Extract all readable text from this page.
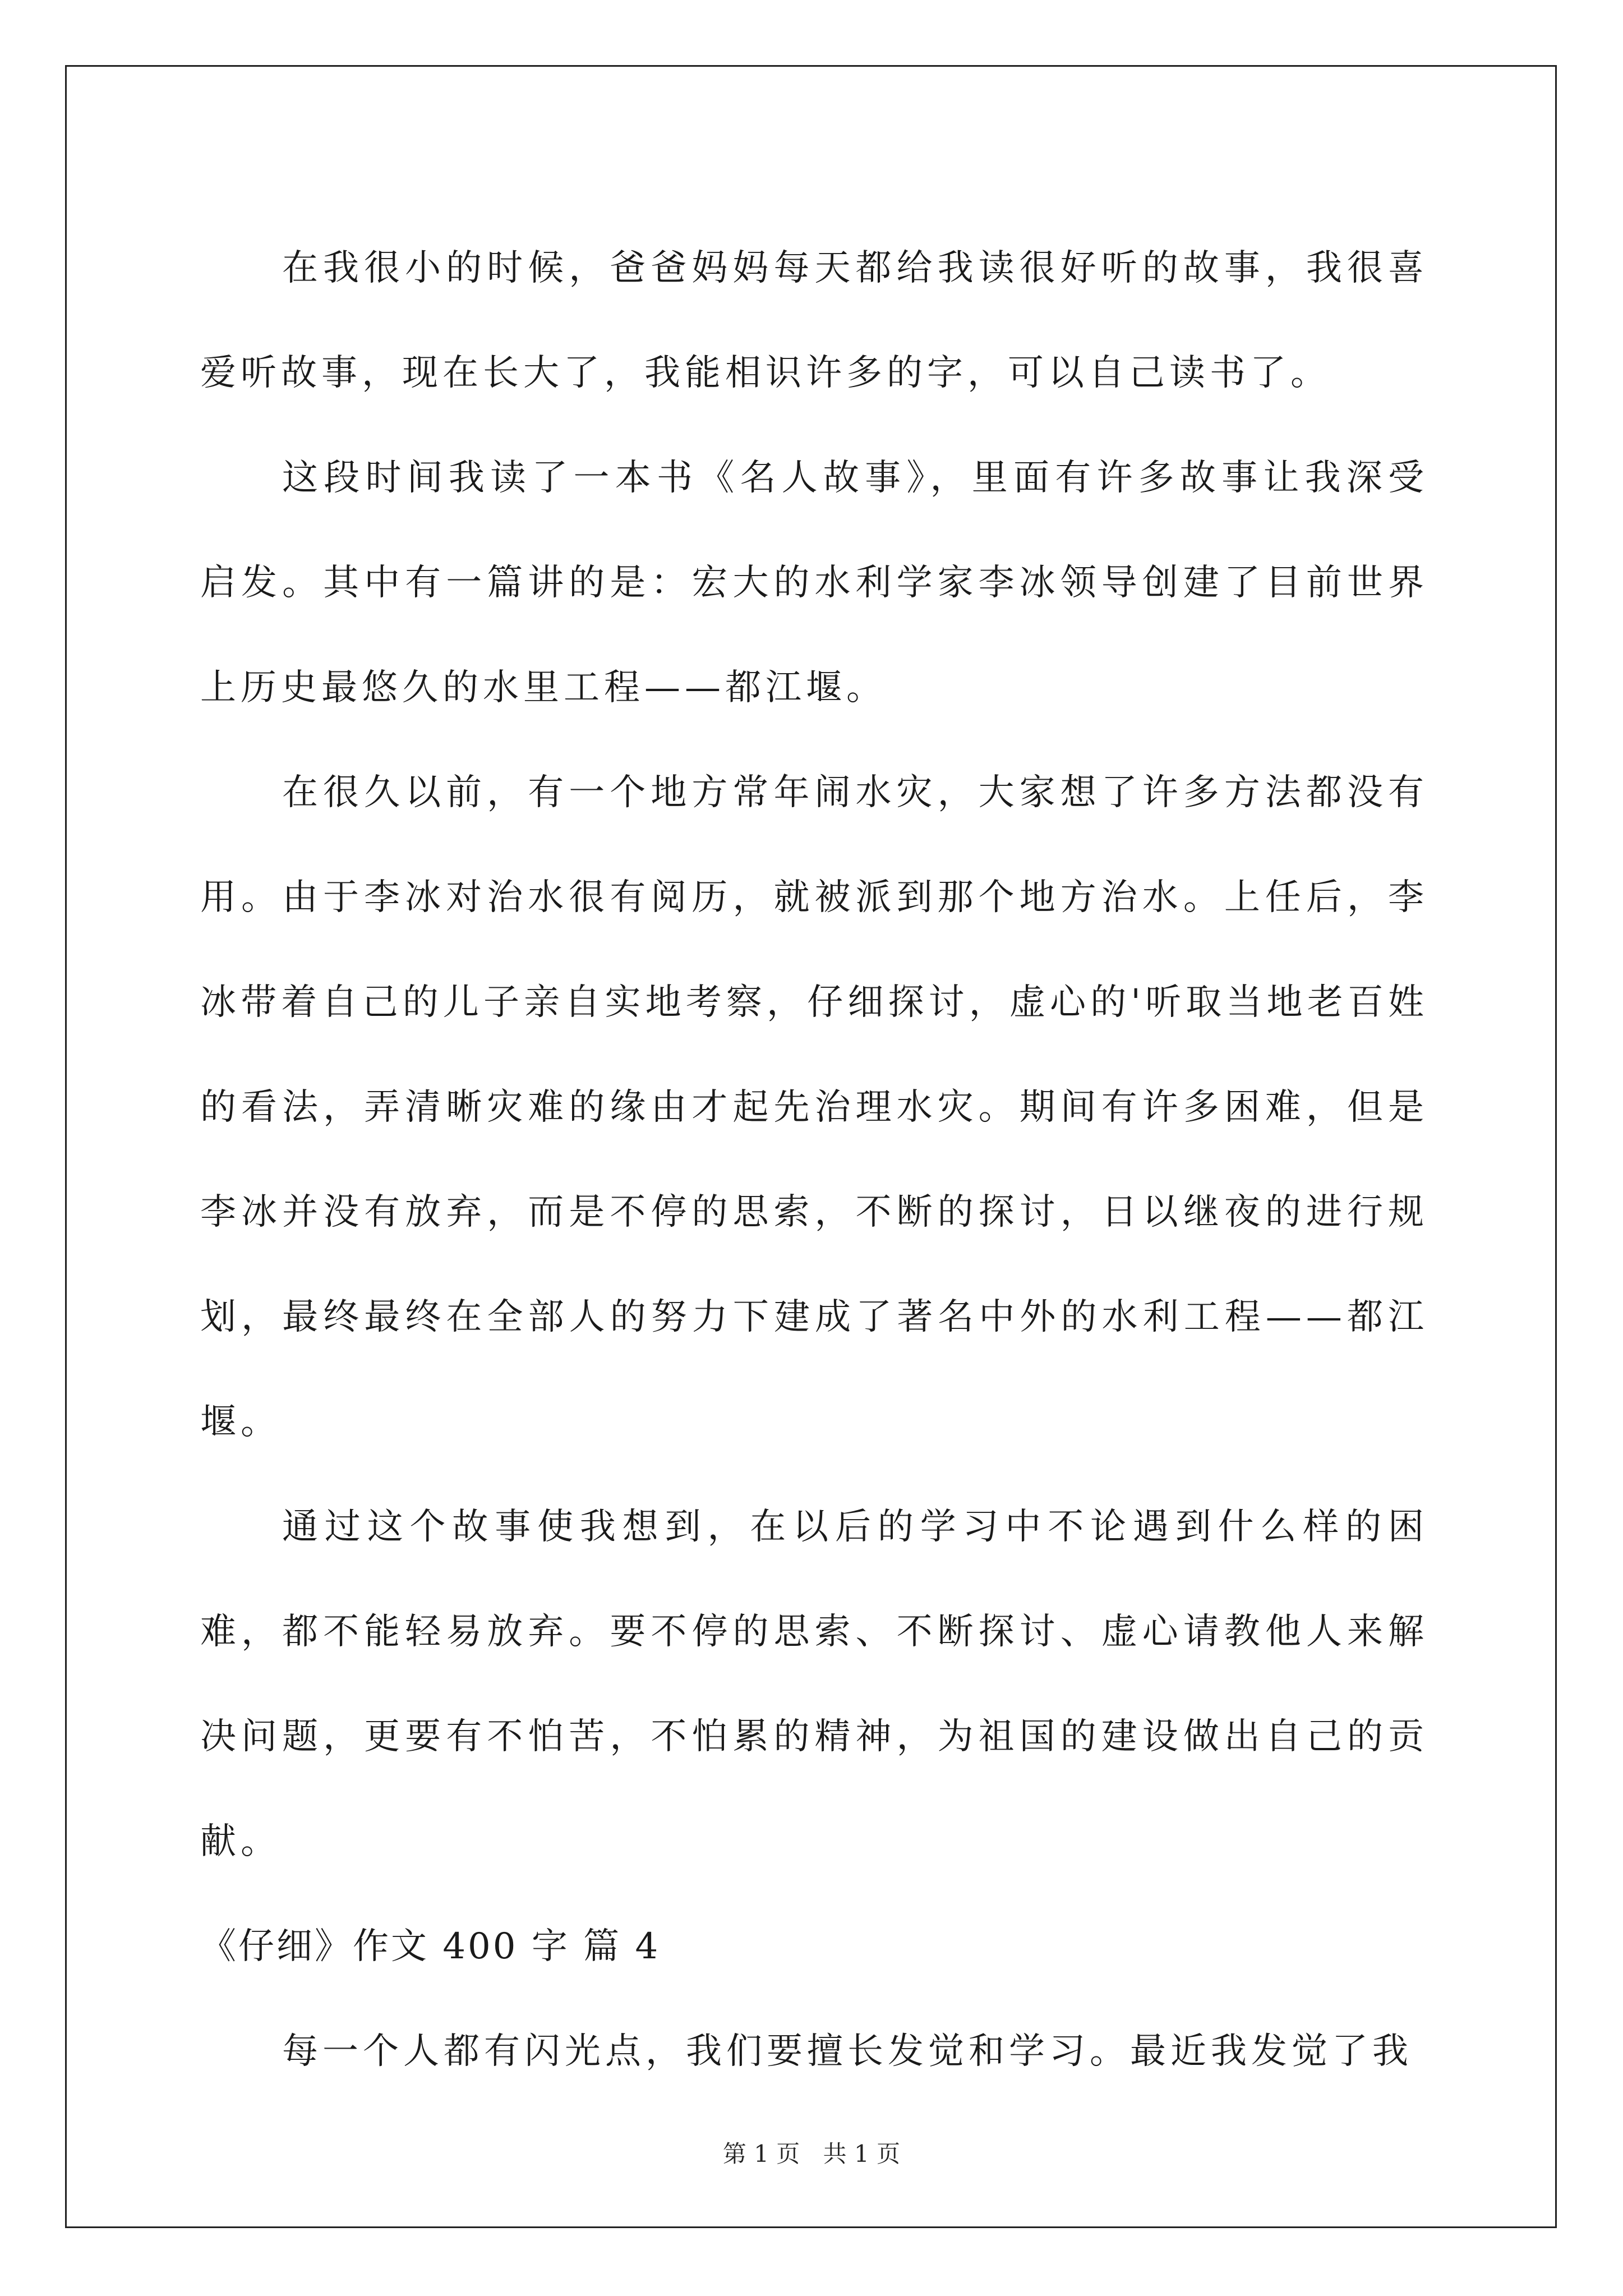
在我很小的时候，爸爸妈妈每天都给我读很好听的故事，我很喜爱听故事，现在长大了，我能相识许多的字，可以自己读书了。

这段时间我读了一本书《名人故事》，里面有许多故事让我深受启发。其中有一篇讲的是：宏大的水利学家李冰领导创建了目前世界上历史最悠久的水里工程——都江堰。

在很久以前，有一个地方常年闹水灾，大家想了许多方法都没有用。由于李冰对治水很有阅历，就被派到那个地方治水。上任后，李冰带着自己的儿子亲自实地考察，仔细探讨，虚心的'听取当地老百姓的看法，弄清晰灾难的缘由才起先治理水灾。期间有许多困难，但是李冰并没有放弃，而是不停的思索，不断的探讨，日以继夜的进行规划，最终最终在全部人的努力下建成了著名中外的水利工程——都江堰。

通过这个故事使我想到，在以后的学习中不论遇到什么样的困难，都不能轻易放弃。要不停的思索、不断探讨、虚心请教他人来解决问题，更要有不怕苦，不怕累的精神，为祖国的建设做出自己的贡献。

《仔细》作文 400 字 篇 4

每一个人都有闪光点，我们要擅长发觉和学习。最近我发觉了我

第 1 页 共 1 页
